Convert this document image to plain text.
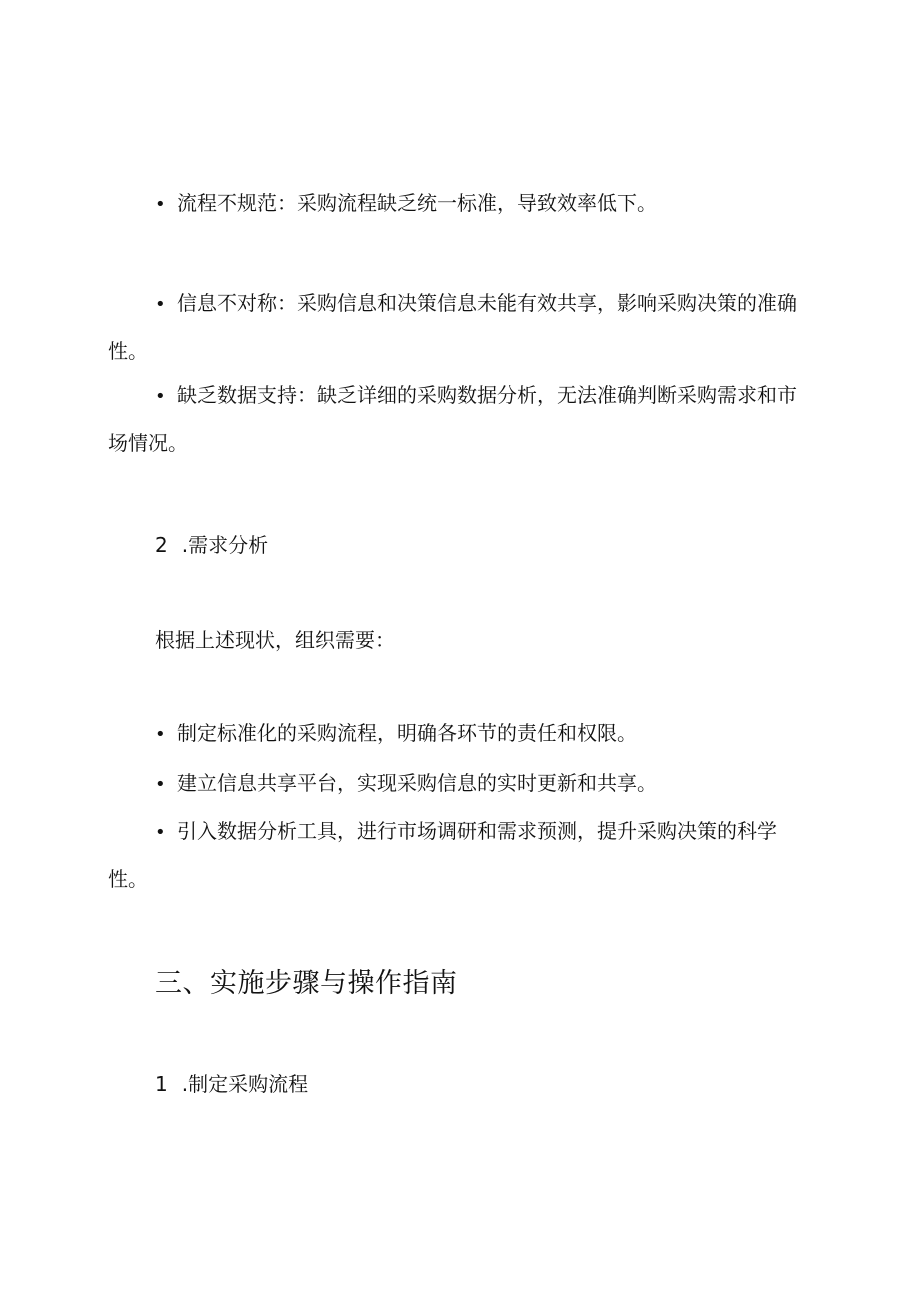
• 流程不规范：采购流程缺乏统一标准，导致效率低下。

• 信息不对称：采购信息和决策信息未能有效共享，影响采购决策的准确性。

• 缺乏数据支持：缺乏详细的采购数据分析，无法准确判断采购需求和市场情况。

2 .需求分析

根据上述现状，组织需要：

• 制定标准化的采购流程，明确各环节的责任和权限。

• 建立信息共享平台，实现采购信息的实时更新和共享。

• 引入数据分析工具，进行市场调研和需求预测，提升采购决策的科学性。

三、实施步骤与操作指南

1 .制定采购流程
